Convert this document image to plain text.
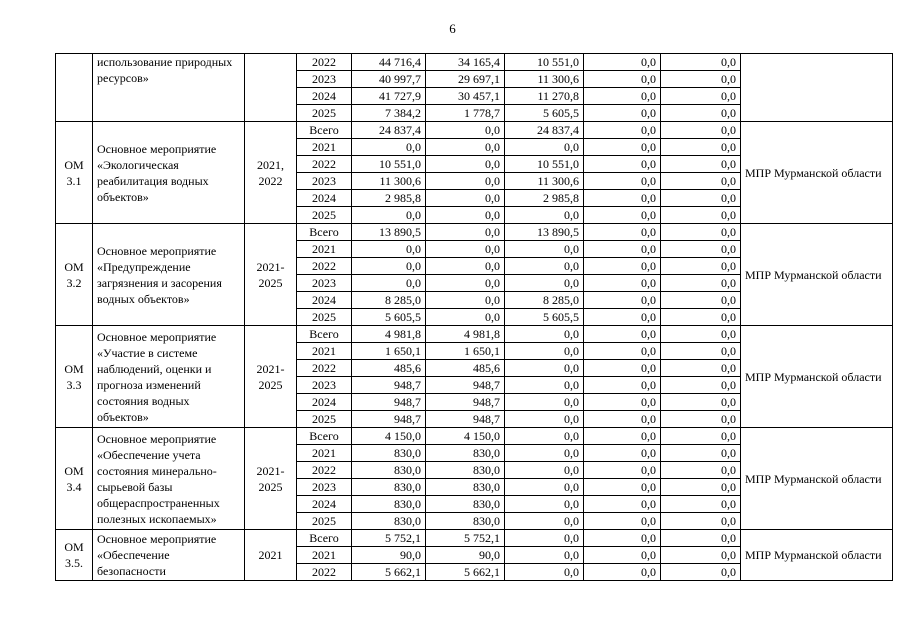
6
	использование природных ресурсов»		2022	44 716,4	34 165,4	10 551,0	0,0	0,0	
			2023	40 997,7	29 697,1	11 300,6	0,0	0,0	
			2024	41 727,9	30 457,1	11 270,8	0,0	0,0	
			2025	7 384,2	1 778,7	5 605,5	0,0	0,0	
ОМ 3.1	Основное мероприятие «Экологическая реабилитация водных объектов»	2021, 2022	Всего	24 837,4	0,0	24 837,4	0,0	0,0	МПР Мурманской области
			2021	0,0	0,0	0,0	0,0	0,0	
			2022	10 551,0	0,0	10 551,0	0,0	0,0	
			2023	11 300,6	0,0	11 300,6	0,0	0,0	
			2024	2 985,8	0,0	2 985,8	0,0	0,0	
			2025	0,0	0,0	0,0	0,0	0,0	
ОМ 3.2	Основное мероприятие «Предупреждение загрязнения и засорения водных объектов»	2021-2025	Всего	13 890,5	0,0	13 890,5	0,0	0,0	МПР Мурманской области
			2021	0,0	0,0	0,0	0,0	0,0	
			2022	0,0	0,0	0,0	0,0	0,0	
			2023	0,0	0,0	0,0	0,0	0,0	
			2024	8 285,0	0,0	8 285,0	0,0	0,0	
			2025	5 605,5	0,0	5 605,5	0,0	0,0	
ОМ 3.3	Основное мероприятие «Участие в системе наблюдений, оценки и прогноза изменений состояния водных объектов»	2021-2025	Всего	4 981,8	4 981,8	0,0	0,0	0,0	МПР Мурманской области
			2021	1 650,1	1 650,1	0,0	0,0	0,0	
			2022	485,6	485,6	0,0	0,0	0,0	
			2023	948,7	948,7	0,0	0,0	0,0	
			2024	948,7	948,7	0,0	0,0	0,0	
			2025	948,7	948,7	0,0	0,0	0,0	
ОМ 3.4	Основное мероприятие «Обеспечение учета состояния минерально-сырьевой базы общераспространенных полезных ископаемых»	2021-2025	Всего	4 150,0	4 150,0	0,0	0,0	0,0	МПР Мурманской области
			2021	830,0	830,0	0,0	0,0	0,0	
			2022	830,0	830,0	0,0	0,0	0,0	
			2023	830,0	830,0	0,0	0,0	0,0	
			2024	830,0	830,0	0,0	0,0	0,0	
			2025	830,0	830,0	0,0	0,0	0,0	
ОМ 3.5.	Основное мероприятие «Обеспечение безопасности	2021	Всего	5 752,1	5 752,1	0,0	0,0	0,0	МПР Мурманской области
			2021	90,0	90,0	0,0	0,0	0,0	
			2022	5 662,1	5 662,1	0,0	0,0	0,0	
